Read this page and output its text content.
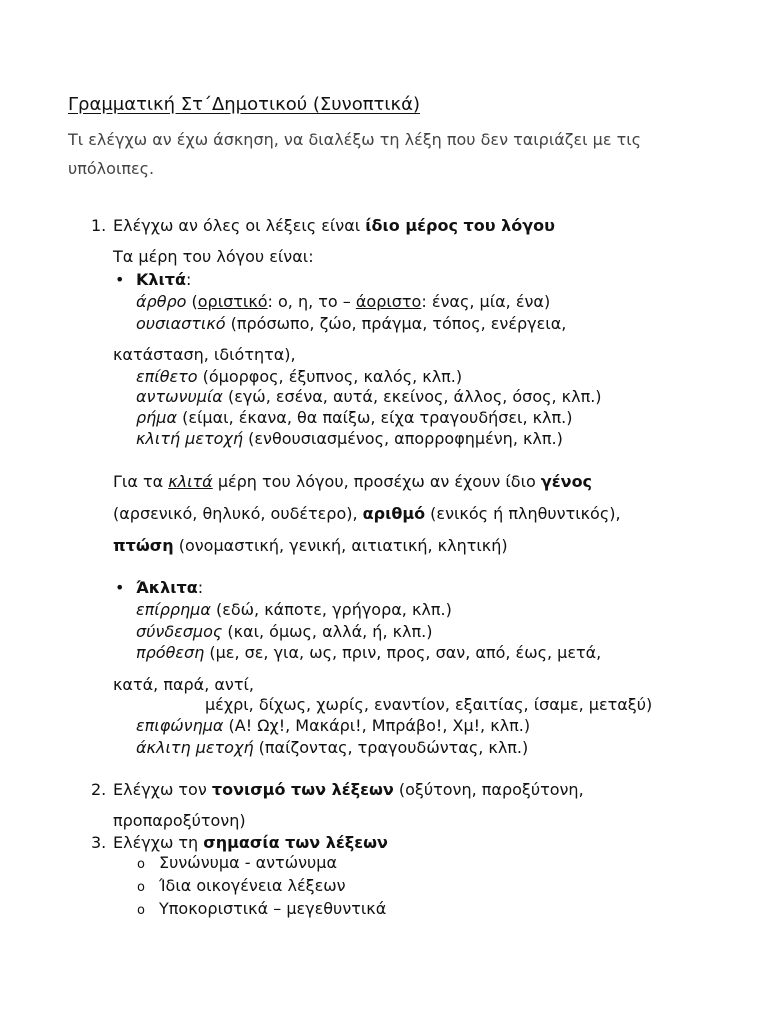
Γραμματική Στ΄Δημοτικού (Συνοπτικά)
Τι ελέγχω αν έχω άσκηση, να διαλέξω τη λέξη που δεν ταιριάζει με τις
υπόλοιπες.
1. Ελέγχω αν όλες οι λέξεις είναι ίδιο μέρος του λόγου
Τα μέρη του λόγου είναι:
• Κλιτά:
άρθρο (οριστικό: ο, η, το – άοριστο: ένας, μία, ένα)
ουσιαστικό (πρόσωπο, ζώο, πράγμα, τόπος, ενέργεια,
κατάσταση, ιδιότητα),
επίθετο (όμορφος, έξυπνος, καλός, κλπ.)
αντωνυμία (εγώ, εσένα, αυτά, εκείνος, άλλος, όσος, κλπ.)
ρήμα (είμαι, έκανα, θα παίξω, είχα τραγουδήσει, κλπ.)
κλιτή μετοχή (ενθουσιασμένος, απορροφημένη, κλπ.)
Για τα κλιτά μέρη του λόγου, προσέχω αν έχουν ίδιο γένος
(αρσενικό, θηλυκό, ουδέτερο), αριθμό (ενικός ή πληθυντικός),
πτώση (ονομαστική, γενική, αιτιατική, κλητική)
• Άκλιτα:
επίρρημα (εδώ, κάποτε, γρήγορα, κλπ.)
σύνδεσμος (και, όμως, αλλά, ή, κλπ.)
πρόθεση (με, σε, για, ως, πριν, προς, σαν, από, έως, μετά,
κατά, παρά, αντί,
μέχρι, δίχως, χωρίς, εναντίον, εξαιτίας, ίσαμε, μεταξύ)
επιφώνημα (Α! Ωχ!, Μακάρι!, Μπράβο!, Χμ!, κλπ.)
άκλιτη μετοχή (παίζοντας, τραγουδώντας, κλπ.)
2. Ελέγχω τον τονισμό των λέξεων (οξύτονη, παροξύτονη,
προπαροξύτονη)
3. Ελέγχω τη σημασία των λέξεων
o Συνώνυμα - αντώνυμα
o Ίδια οικογένεια λέξεων
o Υποκοριστικά – μεγεθυντικά
